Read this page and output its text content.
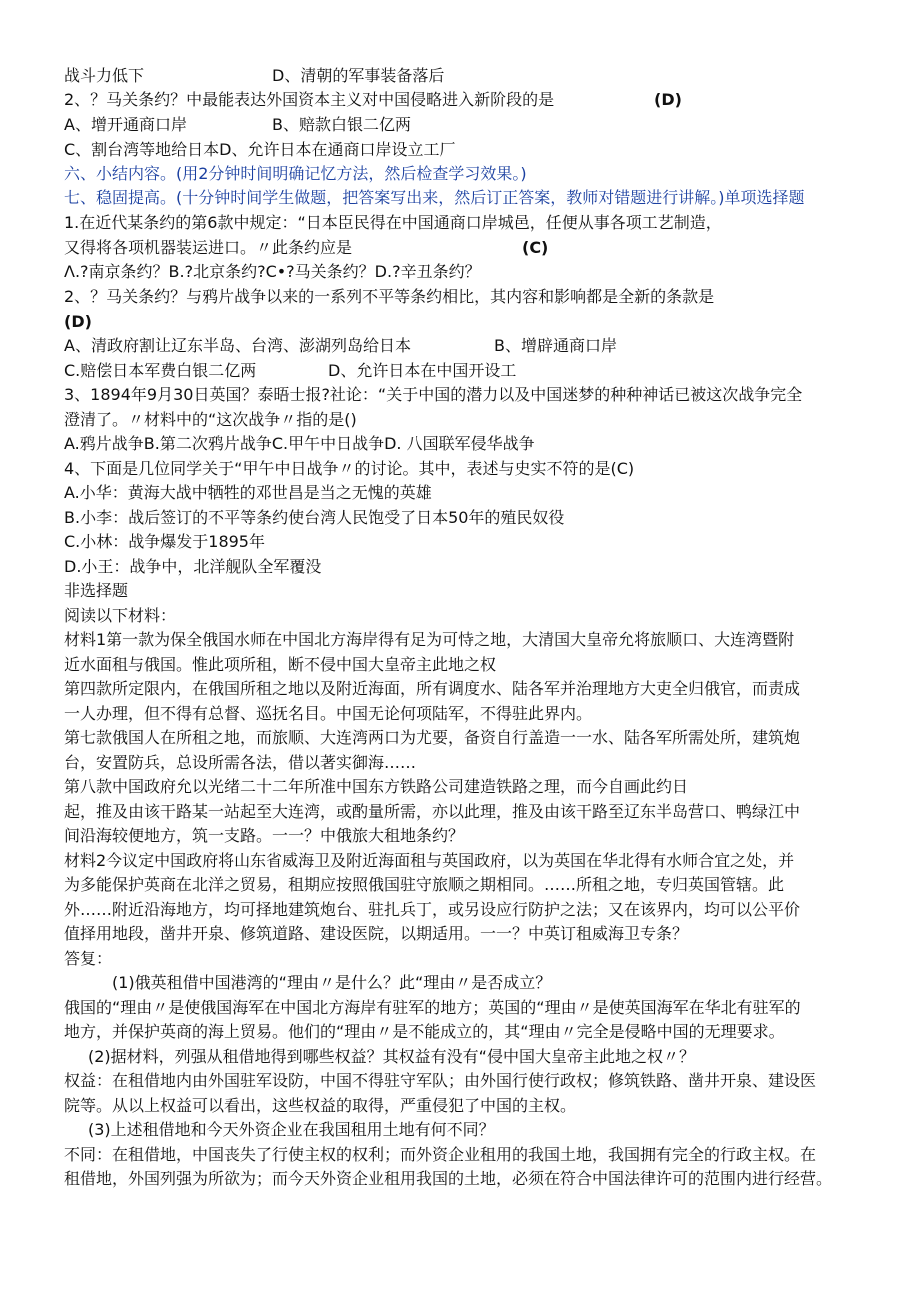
战斗力低下	D、清朝的军事装备落后
2、？马关条约？中最能表达外国资本主义对中国侵略进入新阶段的是	(D)
A、增开通商口岸	B、赔款白银二亿两
C、割台湾等地给日本D、允许日本在通商口岸设立工厂
六、小结内容。(用2分钟时间明确记忆方法，然后检查学习效果。)
七、稳固提高。(十分钟时间学生做题，把答案写出来，然后订正答案，教师对错题进行讲解。)单项选择题
1.在近代某条约的第6款中规定：“日本臣民得在中国通商口岸城邑，任便从事各项工艺制造，
又得将各项机器装运进口。〃此条约应是	(C)
Λ.?南京条约？B.?北京条约?C•?马关条约？D.?辛丑条约？
2、？马关条约？与鸦片战争以来的一系列不平等条约相比，其内容和影响都是全新的条款是
(D)
A、清政府割让辽东半岛、台湾、澎湖列岛给日本	B、增辟通商口岸
C.赔偿日本军费白银二亿两	D、允许日本在中国开设工
3、1894年9月30日英国？泰晤士报?社论：“关于中国的潜力以及中国迷梦的种种神话已被这次战争完全
澄清了。〃材料中的“这次战争〃指的是()
A.鸦片战争B.第二次鸦片战争C.甲午中日战争D. 八国联军侵华战争
4、下面是几位同学关于“甲午中日战争〃的讨论。其中，表述与史实不符的是(C)
A.小华：黄海大战中牺牲的邓世昌是当之无愧的英雄
B.小李：战后签订的不平等条约使台湾人民饱受了日本50年的殖民奴役
C.小林：战争爆发于1895年
D.小王：战争中，北洋舰队全军覆没
非选择题
阅读以下材料：
材料1第一款为保全俄国水师在中国北方海岸得有足为可恃之地，大清国大皇帝允将旅顺口、大连湾暨附
近水面租与俄国。惟此项所租，断不侵中国大皇帝主此地之权
第四款所定限内，在俄国所租之地以及附近海面，所有调度水、陆各军并治理地方大吏全归俄官，而责成
一人办理，但不得有总督、巡抚名目。中国无论何项陆军，不得驻此界内。
第七款俄国人在所租之地，而旅顺、大连湾两口为尤要，备资自行盖造一一水、陆各军所需处所，建筑炮
台，安置防兵，总设所需各法，借以著实御海……
第八款中国政府允以光绪二十二年所准中国东方铁路公司建造铁路之理，而今自画此约日
起，推及由该干路某一站起至大连湾，或酌量所需，亦以此理，推及由该干路至辽东半岛营口、鸭绿江中
间沿海较便地方，筑一支路。一一？中俄旅大租地条约？
材料2今议定中国政府将山东省威海卫及附近海面租与英国政府，以为英国在华北得有水师合宜之处，并
为多能保护英商在北洋之贸易，租期应按照俄国驻守旅顺之期相同。……所租之地，专归英国管辖。此
外……附近沿海地方，均可择地建筑炮台、驻扎兵丁，或另设应行防护之法；又在该界内，均可以公平价
值择用地段，凿井开泉、修筑道路、建设医院，以期适用。一一？中英订租威海卫专条？
答复：
(1)俄英租借中国港湾的“理由〃是什么？此“理由〃是否成立？
俄国的“理由〃是使俄国海军在中国北方海岸有驻军的地方；英国的“理由〃是使英国海军在华北有驻军的
地方，并保护英商的海上贸易。他们的“理由〃是不能成立的，其“理由〃完全是侵略中国的无理要求。
(2)据材料，列强从租借地得到哪些权益？其权益有没有“侵中国大皇帝主此地之权〃？
权益：在租借地内由外国驻军设防，中国不得驻守军队；由外国行使行政权；修筑铁路、凿井开泉、建设医
院等。从以上权益可以看出，这些权益的取得，严重侵犯了中国的主权。
(3)上述租借地和今天外资企业在我国租用土地有何不同？
不同：在租借地，中国丧失了行使主权的权利；而外资企业租用的我国土地，我国拥有完全的行政主权。在
租借地，外国列强为所欲为；而今天外资企业租用我国的土地，必须在符合中国法律许可的范围内进行经营。
